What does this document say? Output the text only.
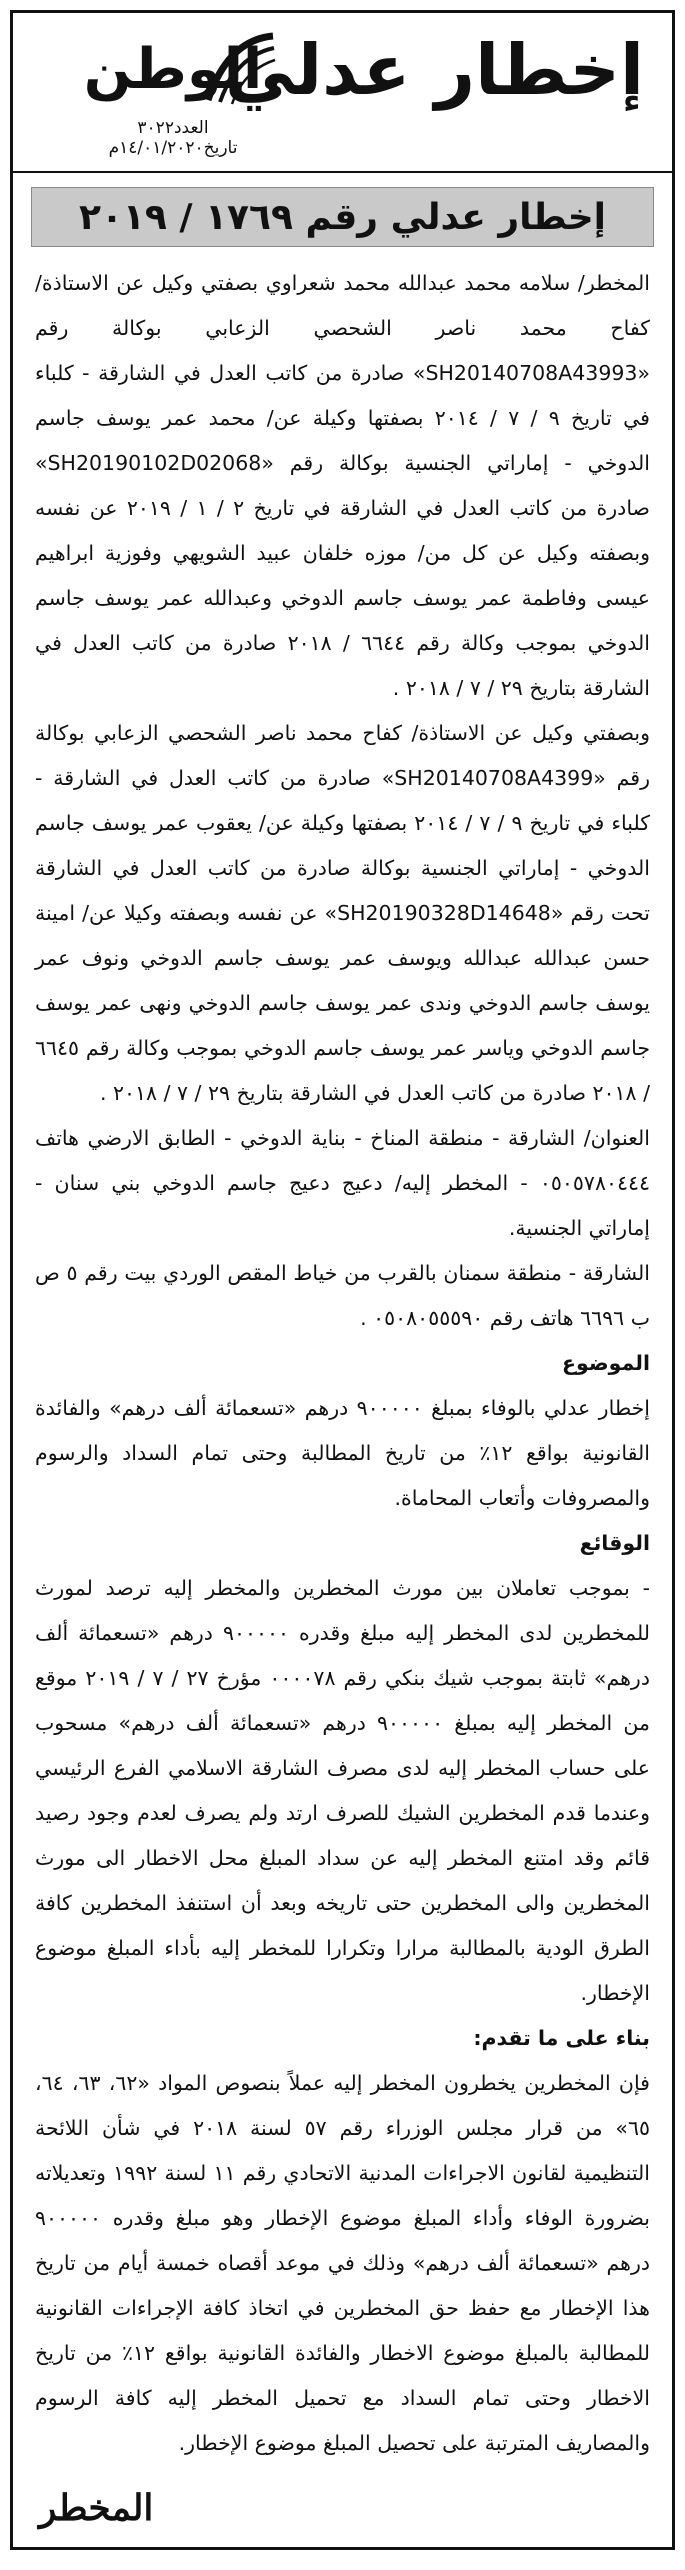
إخطار عدلي
الوطن
العدد٣٠٢٢ تاريخ١٤/٠١/٢٠٢٠م
إخطار عدلي رقم ١٧٦٩ / ٢٠١٩

المخطر/ سلامه محمد عبدالله محمد شعراوي بصفتي وكيل عن الاستاذة/ كفاح محمد ناصر الشحصي الزعابي بوكالة رقم «SH20140708A43993» صادرة من كاتب العدل في الشارقة - كلباء في تاريخ ٩ / ٧ / ٢٠١٤ بصفتها وكيلة عن/ محمد عمر يوسف جاسم الدوخي - إماراتي الجنسية بوكالة رقم «SH20190102D02068» صادرة من كاتب العدل في الشارقة في تاريخ ٢ / ١ / ٢٠١٩ عن نفسه وبصفته وكيل عن كل من/ موزه خلفان عبيد الشويهي وفوزية ابراهيم عيسى وفاطمة عمر يوسف جاسم الدوخي وعبدالله عمر يوسف جاسم الدوخي بموجب وكالة رقم ٦٦٤٤ / ٢٠١٨ صادرة من كاتب العدل في الشارقة بتاريخ ٢٩ / ٧ / ٢٠١٨ .

وبصفتي وكيل عن الاستاذة/ كفاح محمد ناصر الشحصي الزعابي بوكالة رقم «SH20140708A4399» صادرة من كاتب العدل في الشارقة - كلباء في تاريخ ٩ / ٧ / ٢٠١٤ بصفتها وكيلة عن/ يعقوب عمر يوسف جاسم الدوخي - إماراتي الجنسية بوكالة صادرة من كاتب العدل في الشارقة تحت رقم «SH20190328D14648» عن نفسه وبصفته وكيلا عن/ امينة حسن عبدالله عبدالله ويوسف عمر يوسف جاسم الدوخي ونوف عمر يوسف جاسم الدوخي وندى عمر يوسف جاسم الدوخي ونهى عمر يوسف جاسم الدوخي وياسر عمر يوسف جاسم الدوخي بموجب وكالة رقم ٦٦٤٥ / ٢٠١٨ صادرة من كاتب العدل في الشارقة بتاريخ ٢٩ / ٧ / ٢٠١٨ .

العنوان/ الشارقة - منطقة المناخ - بناية الدوخي - الطابق الارضي هاتف ٠٥٠٥٧٨٠٤٤٤ - المخطر إليه/ دعيج دعيج جاسم الدوخي بني سنان - إماراتي الجنسية.

الشارقة - منطقة سمنان بالقرب من خياط المقص الوردي بيت رقم ٥ ص ب ٦٦٩٦ هاتف رقم ٠٥٠٨٠٥٥٥٩٠ .

الموضوع

إخطار عدلي بالوفاء بمبلغ ٩٠٠٠٠٠ درهم «تسعمائة ألف درهم» والفائدة القانونية بواقع ١٢٪ من تاريخ المطالبة وحتى تمام السداد والرسوم والمصروفات وأتعاب المحاماة.

الوقائع

- بموجب تعاملان بين مورث المخطرين والمخطر إليه ترصد لمورث للمخطرين لدى المخطر إليه مبلغ وقدره ٩٠٠٠٠٠ درهم «تسعمائة ألف درهم» ثابتة بموجب شيك بنكي رقم ٠٠٠٠٧٨ مؤرخ ٢٧ / ٧ / ٢٠١٩ موقع من المخطر إليه بمبلغ ٩٠٠٠٠٠ درهم «تسعمائة ألف درهم» مسحوب على حساب المخطر إليه لدى مصرف الشارقة الاسلامي الفرع الرئيسي وعندما قدم المخطرين الشيك للصرف ارتد ولم يصرف لعدم وجود رصيد قائم وقد امتنع المخطر إليه عن سداد المبلغ محل الاخطار الى مورث المخطرين والى المخطرين حتى تاريخه وبعد أن استنفذ المخطرين كافة الطرق الودية بالمطالبة مرارا وتكرارا للمخطر إليه بأداء المبلغ موضوع الإخطار.

بناء على ما تقدم:

فإن المخطرين يخطرون المخطر إليه عملاً بنصوص المواد «٦٢، ٦٣، ٦٤، ٦٥» من قرار مجلس الوزراء رقم ٥٧ لسنة ٢٠١٨ في شأن اللائحة التنظيمية لقانون الاجراءات المدنية الاتحادي رقم ١١ لسنة ١٩٩٢ وتعديلاته بضرورة الوفاء وأداء المبلغ موضوع الإخطار وهو مبلغ وقدره ٩٠٠٠٠٠ درهم «تسعمائة ألف درهم» وذلك في موعد أقصاه خمسة أيام من تاريخ هذا الإخطار مع حفظ حق المخطرين في اتخاذ كافة الإجراءات القانونية للمطالبة بالمبلغ موضوع الاخطار والفائدة القانونية بواقع ١٢٪ من تاريخ الاخطار وحتى تمام السداد مع تحميل المخطر إليه كافة الرسوم والمصاريف المترتبة على تحصيل المبلغ موضوع الإخطار.

المخطر
